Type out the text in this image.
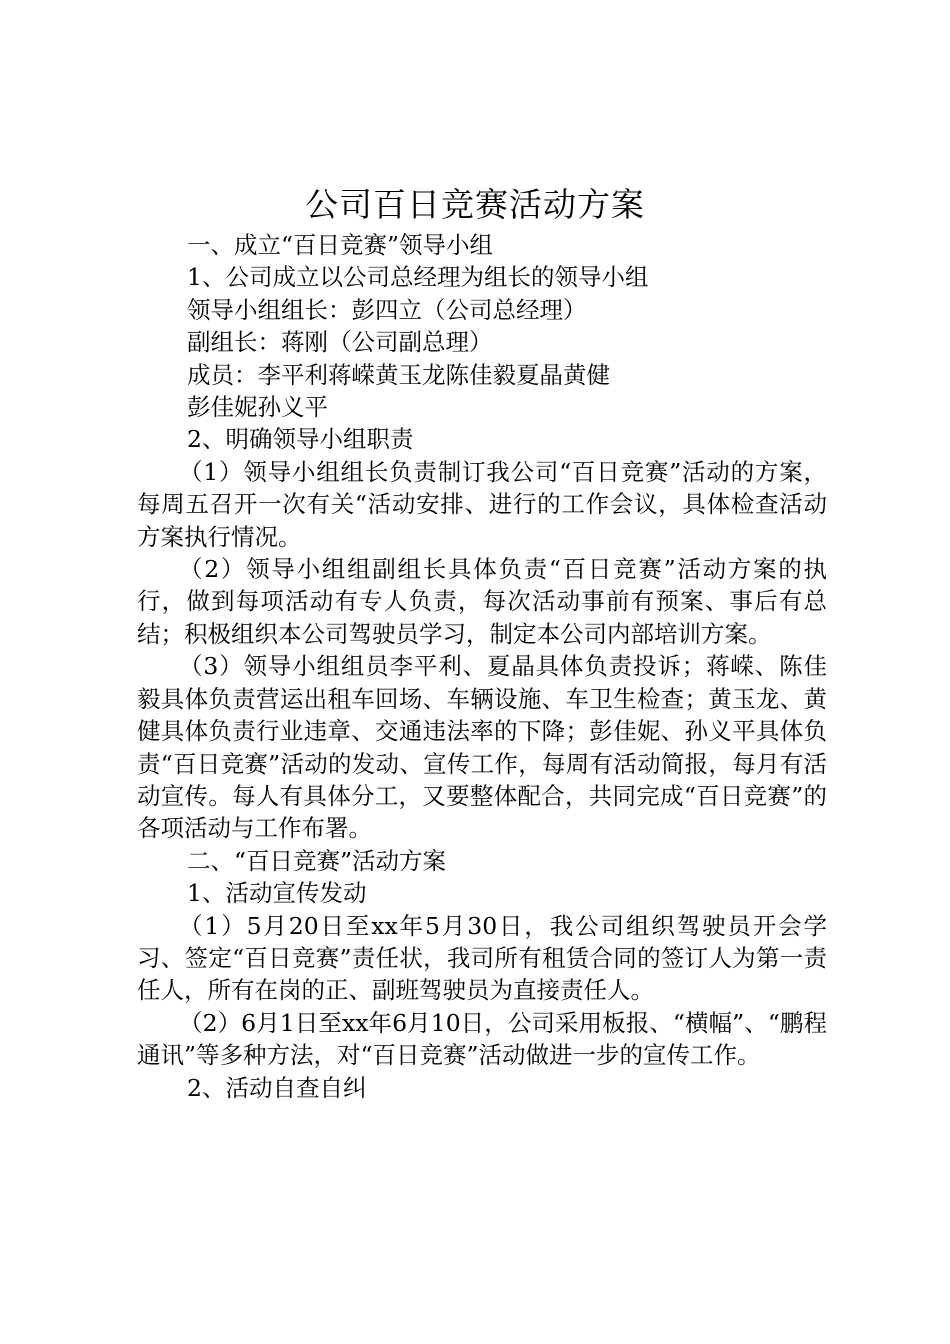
公司百日竞赛活动方案

一、成立“百日竞赛”领导小组

1、公司成立以公司总经理为组长的领导小组

领导小组组长：彭四立（公司总经理）

副组长：蒋刚（公司副总理）

成员：李平利蒋嵘黄玉龙陈佳毅夏晶黄健

彭佳妮孙义平

2、明确领导小组职责

（1）领导小组组长负责制订我公司“百日竞赛”活动的方案，每周五召开一次有关“活动安排、进行的工作会议，具体检查活动方案执行情况。

（2）领导小组组副组长具体负责“百日竞赛”活动方案的执行，做到每项活动有专人负责，每次活动事前有预案、事后有总结；积极组织本公司驾驶员学习，制定本公司内部培训方案。

（3）领导小组组员李平利、夏晶具体负责投诉；蒋嵘、陈佳毅具体负责营运出租车回场、车辆设施、车卫生检查；黄玉龙、黄健具体负责行业违章、交通违法率的下降；彭佳妮、孙义平具体负责“百日竞赛”活动的发动、宣传工作，每周有活动简报，每月有活动宣传。每人有具体分工，又要整体配合，共同完成“百日竞赛”的各项活动与工作布署。

二、“百日竞赛”活动方案

1、活动宣传发动

（1）5月20日至xx年5月30日，我公司组织驾驶员开会学习、签定“百日竞赛”责任状，我司所有租赁合同的签订人为第一责任人，所有在岗的正、副班驾驶员为直接责任人。

（2）6月1日至xx年6月10日，公司采用板报、“横幅”、“鹏程通讯”等多种方法，对“百日竞赛”活动做进一步的宣传工作。

2、活动自查自纠
